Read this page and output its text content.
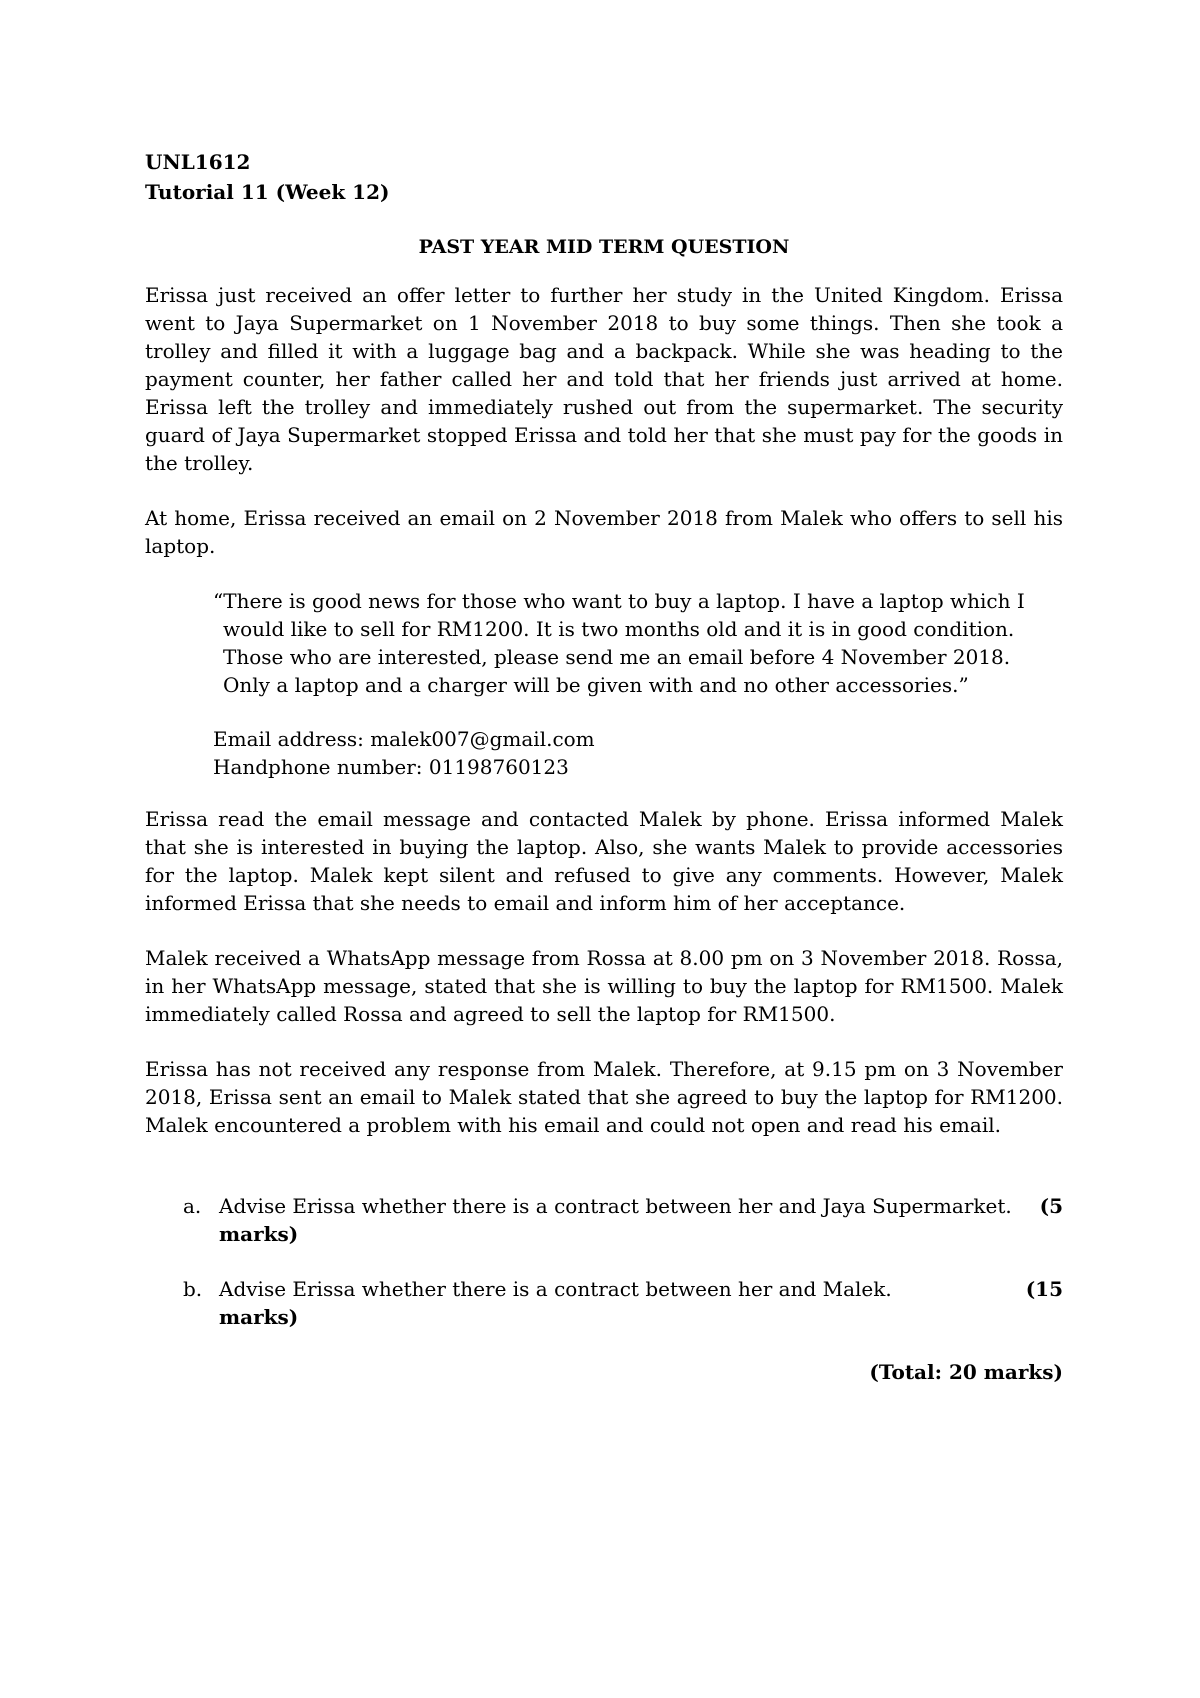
UNL1612
Tutorial 11 (Week 12)
PAST YEAR MID TERM QUESTION

Erissa just received an offer letter to further her study in the United Kingdom. Erissa went to Jaya Supermarket on 1 November 2018 to buy some things. Then she took a trolley and filled it with a luggage bag and a backpack. While she was heading to the payment counter, her father called her and told that her friends just arrived at home. Erissa left the trolley and immediately rushed out from the supermarket. The security guard of Jaya Supermarket stopped Erissa and told her that she must pay for the goods in the trolley.

At home, Erissa received an email on 2 November 2018 from Malek who offers to sell his laptop.

“There is good news for those who want to buy a laptop. I have a laptop which I would like to sell for RM1200. It is two months old and it is in good condition. Those who are interested, please send me an email before 4 November 2018. Only a laptop and a charger will be given with and no other accessories.”

Email address: malek007@gmail.com

Handphone number: 01198760123

Erissa read the email message and contacted Malek by phone. Erissa informed Malek that she is interested in buying the laptop. Also, she wants Malek to provide accessories for the laptop. Malek kept silent and refused to give any comments. However, Malek informed Erissa that she needs to email and inform him of her acceptance.

Malek received a WhatsApp message from Rossa at 8.00 pm on 3 November 2018. Rossa, in her WhatsApp message, stated that she is willing to buy the laptop for RM1500. Malek immediately called Rossa and agreed to sell the laptop for RM1500.

Erissa has not received any response from Malek. Therefore, at 9.15 pm on 3 November 2018, Erissa sent an email to Malek stated that she agreed to buy the laptop for RM1200. Malek encountered a problem with his email and could not open and read his email.

a. Advise Erissa whether there is a contract between her and Jaya Supermarket. (5
marks)
b. Advise Erissa whether there is a contract between her and Malek.	(15
marks)
(Total: 20 marks)
